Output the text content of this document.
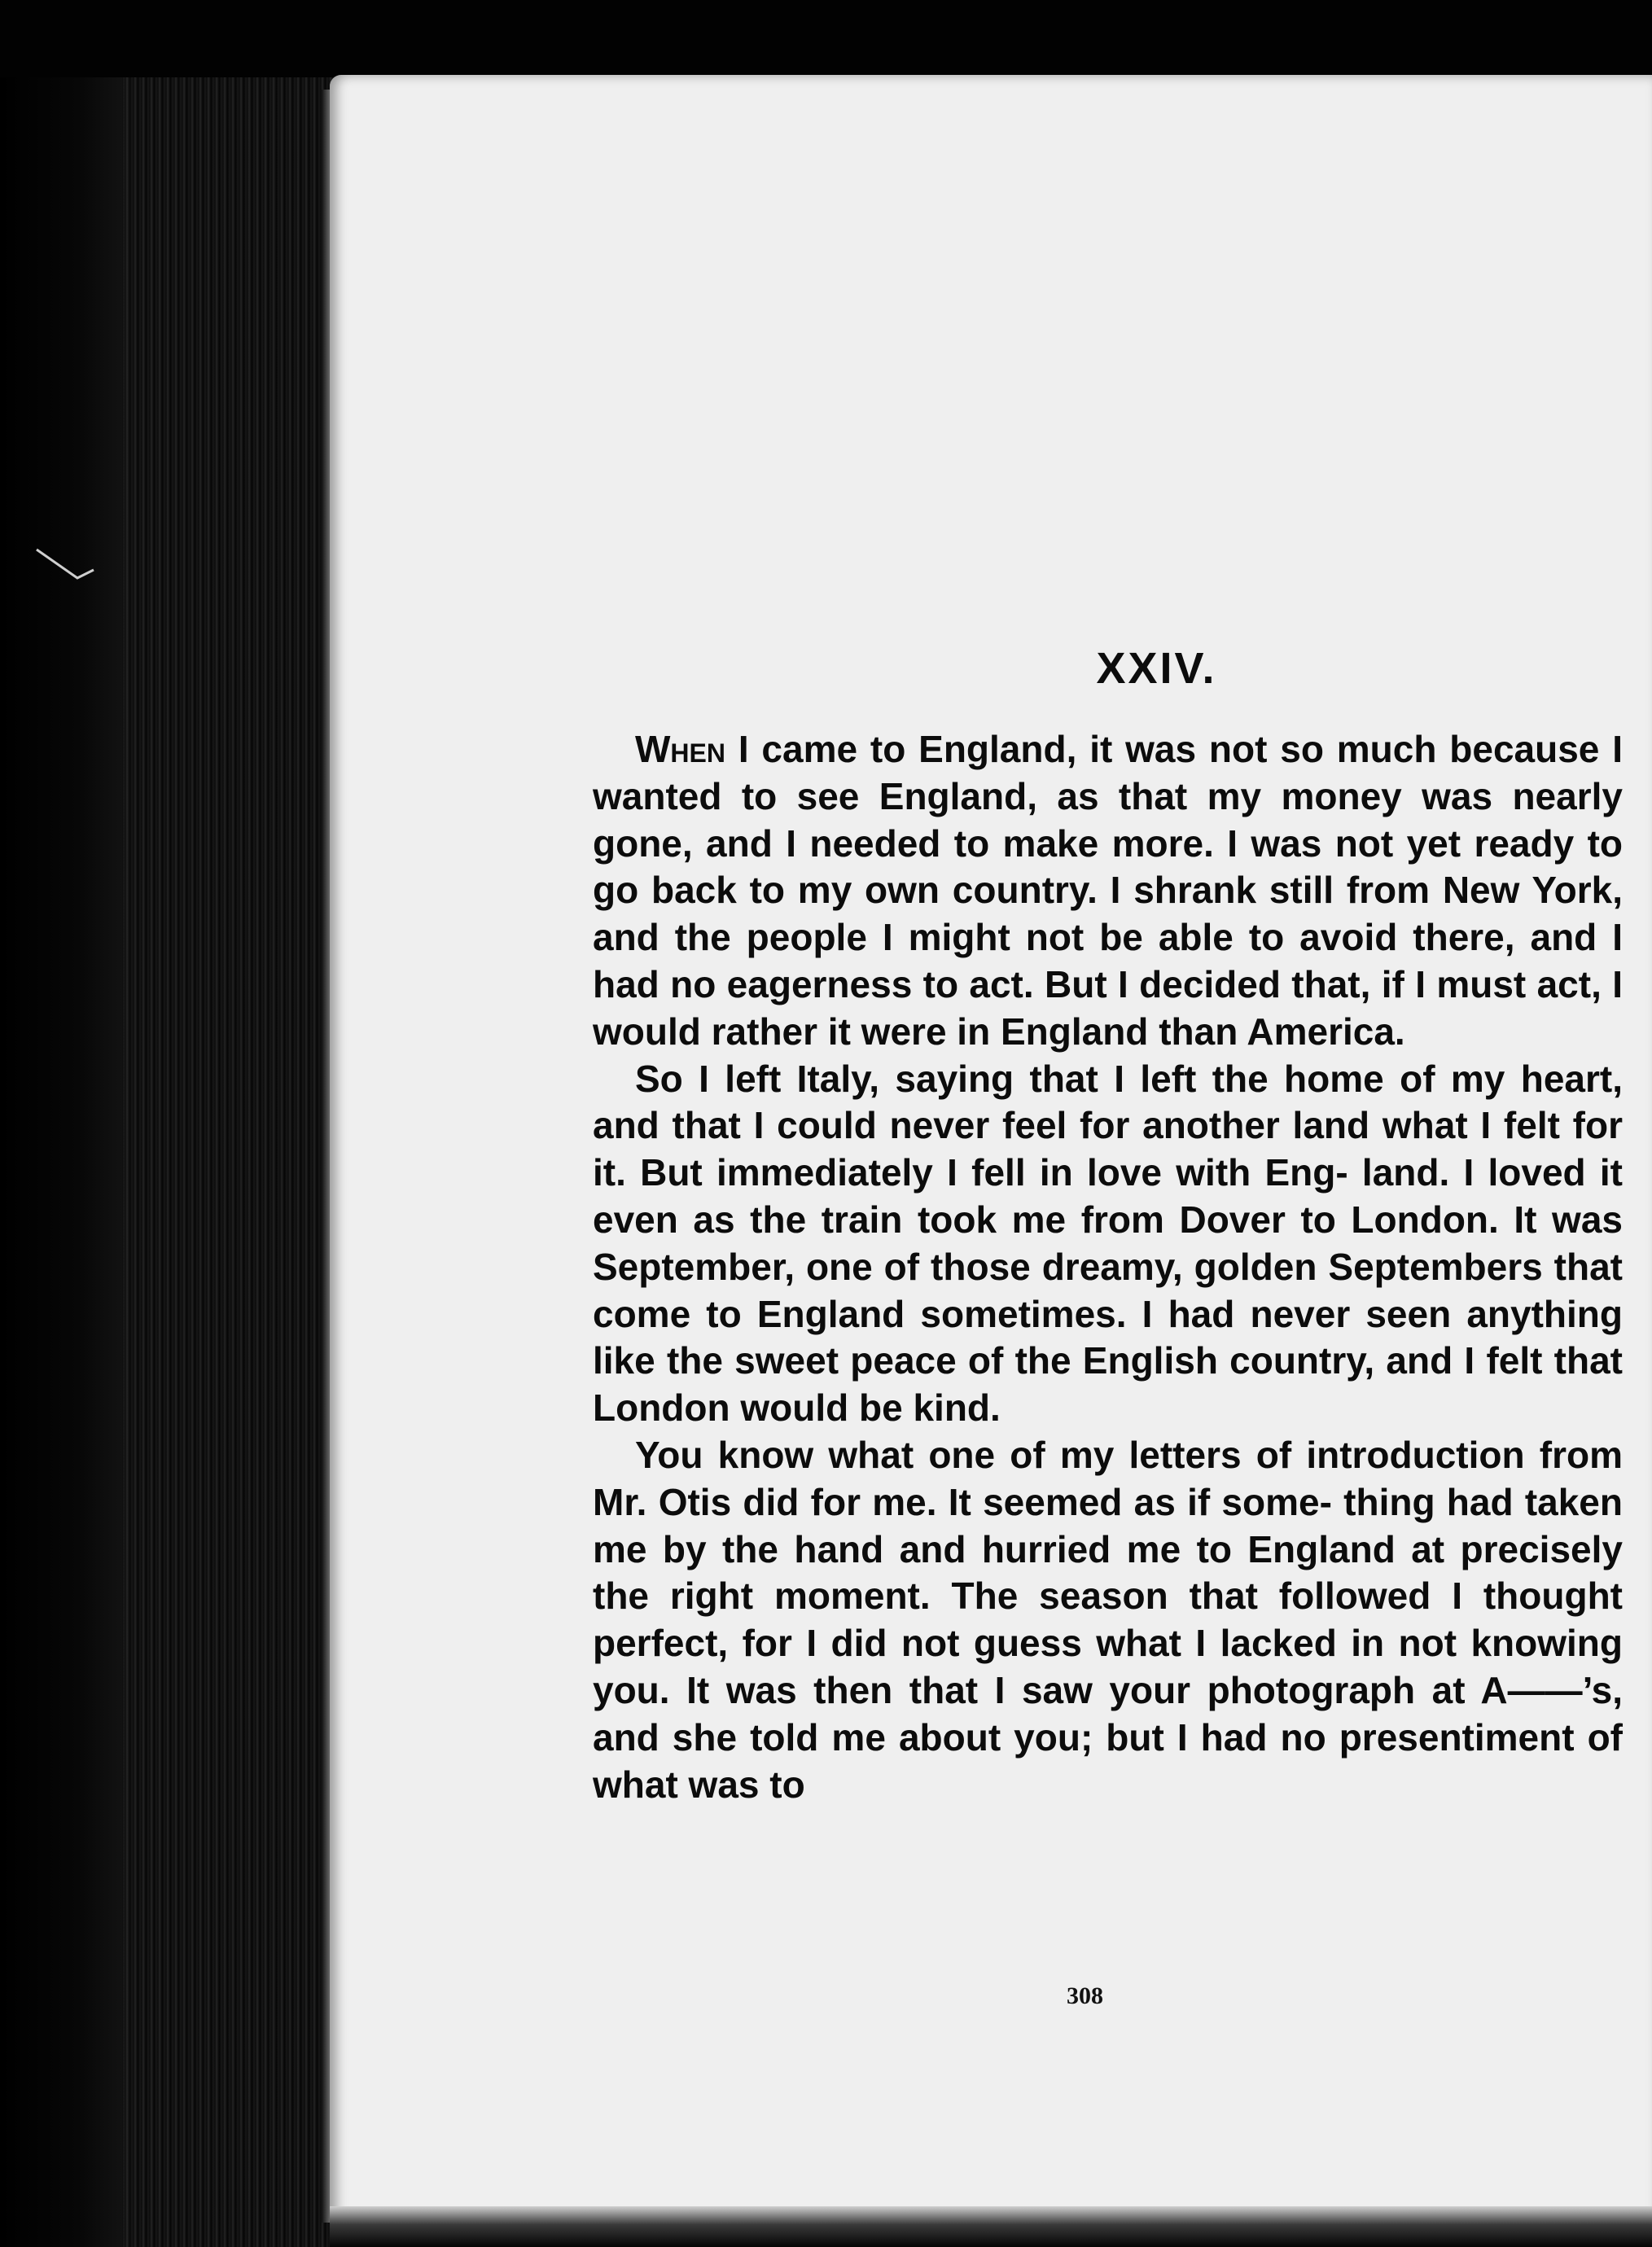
XXIV.

When I came to England, it was not so much because I wanted to see England, as that my money was nearly gone, and I needed to make more. I was not yet ready to go back to my own country. I shrank still from New York, and the people I might not be able to avoid there, and I had no eagerness to act. But I decided that, if I must act, I would rather it were in England than America.

So I left Italy, saying that I left the home of my heart, and that I could never feel for another land what I felt for it. But immediately I fell in love with Eng- land. I loved it even as the train took me from Dover to London. It was September, one of those dreamy, golden Septembers that come to England sometimes. I had never seen anything like the sweet peace of the English country, and I felt that London would be kind.

You know what one of my letters of introduction from Mr. Otis did for me. It seemed as if some- thing had taken me by the hand and hurried me to England at precisely the right moment. The season that followed I thought perfect, for I did not guess what I lacked in not knowing you. It was then that I saw your photograph at A——’s, and she told me about you; but I had no presentiment of what was to

308
